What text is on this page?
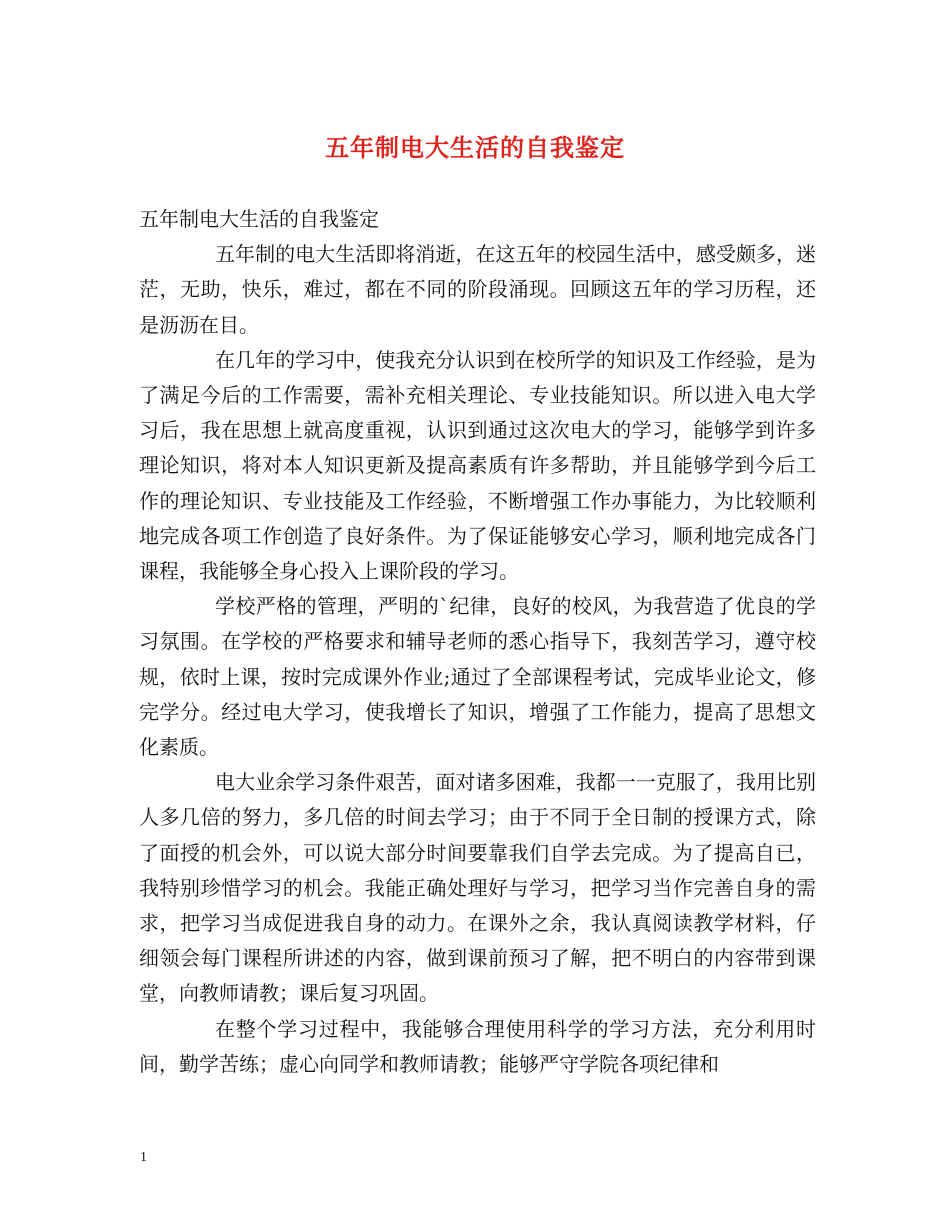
五年制电大生活的自我鉴定

五年制电大生活的自我鉴定

五年制的电大生活即将消逝，在这五年的校园生活中，感受颇多，迷茫，无助，快乐，难过，都在不同的阶段涌现。回顾这五年的学习历程，还是沥沥在目。

在几年的学习中，使我充分认识到在校所学的知识及工作经验，是为了满足今后的工作需要，需补充相关理论、专业技能知识。所以进入电大学习后，我在思想上就高度重视，认识到通过这次电大的学习，能够学到许多理论知识，将对本人知识更新及提高素质有许多帮助，并且能够学到今后工作的理论知识、专业技能及工作经验，不断增强工作办事能力，为比较顺利地完成各项工作创造了良好条件。为了保证能够安心学习，顺利地完成各门课程，我能够全身心投入上课阶段的学习。

学校严格的管理，严明的`纪律，良好的校风，为我营造了优良的学习氛围。在学校的严格要求和辅导老师的悉心指导下，我刻苦学习，遵守校规，依时上课，按时完成课外作业;通过了全部课程考试，完成毕业论文，修完学分。经过电大学习，使我增长了知识，增强了工作能力，提高了思想文化素质。

电大业余学习条件艰苦，面对诸多困难，我都一一克服了，我用比别人多几倍的努力，多几倍的时间去学习；由于不同于全日制的授课方式，除了面授的机会外，可以说大部分时间要靠我们自学去完成。为了提高自已，我特别珍惜学习的机会。我能正确处理好与学习，把学习当作完善自身的需求，把学习当成促进我自身的动力。在课外之余，我认真阅读教学材料，仔细领会每门课程所讲述的内容，做到课前预习了解，把不明白的内容带到课堂，向教师请教；课后复习巩固。

在整个学习过程中，我能够合理使用科学的学习方法，充分利用时间，勤学苦练；虚心向同学和教师请教；能够严守学院各项纪律和

1
